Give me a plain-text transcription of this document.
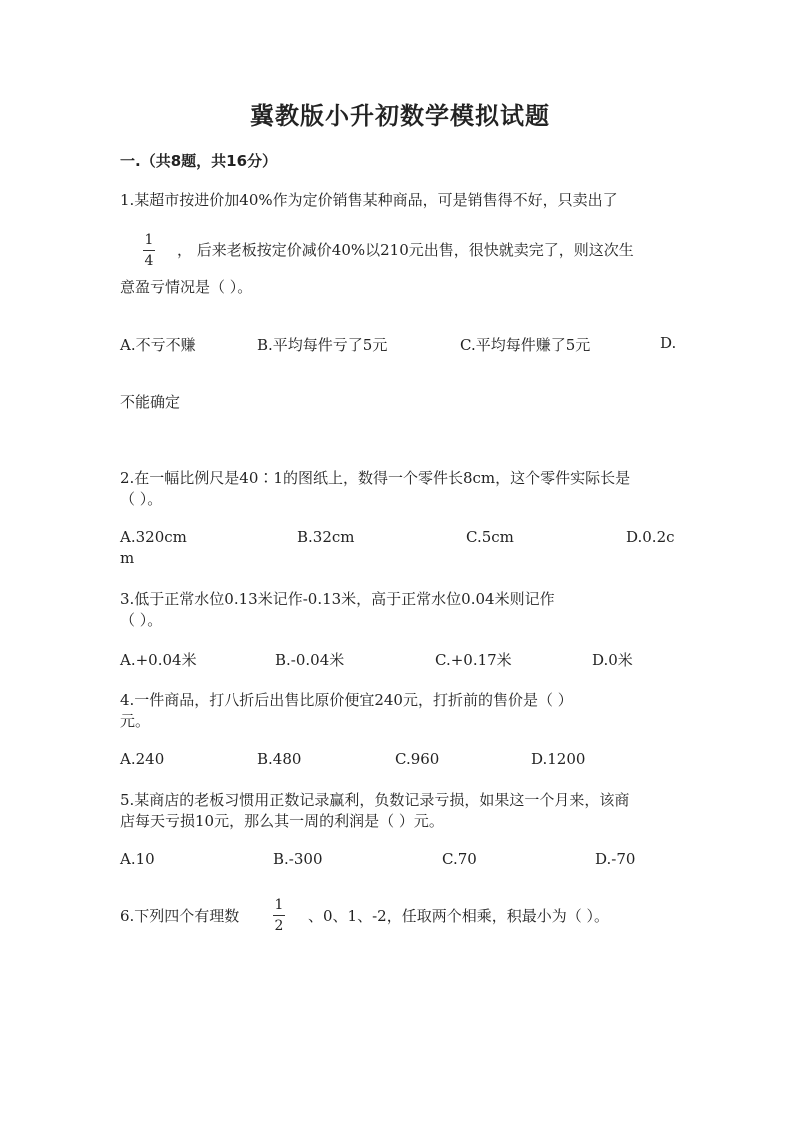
冀教版小升初数学模拟试题
一.（共8题，共16分）
1.某超市按进价加40%作为定价销售某种商品，可是销售得不好，只卖出了
1
4
， 后来老板按定价减价40%以210元出售，很快就卖完了，则这次生
意盈亏情况是（ ）。
A.不亏不赚	B.平均每件亏了5元	C.平均每件赚了5元	D.
不能确定
2.在一幅比例尺是40∶1的图纸上，数得一个零件长8cm，这个零件实际长是
（ ）。
A.320cm	B.32cm	C.5cm	D.0.2c
m
3.低于正常水位0.13米记作-0.13米，高于正常水位0.04米则记作
（ ）。
A.+0.04米	B.-0.04米	C.+0.17米	D.0米
4.一件商品，打八折后出售比原价便宜240元，打折前的售价是（ ）
元。
A.240	B.480	C.960	D.1200
5.某商店的老板习惯用正数记录赢利，负数记录亏损，如果这一个月来，该商
店每天亏损10元，那么其一周的利润是（ ）元。
A.10	B.-300	C.70	D.-70
6.下列四个有理数
1
2
、0、1、-2，任取两个相乘，积最小为（ ）。
